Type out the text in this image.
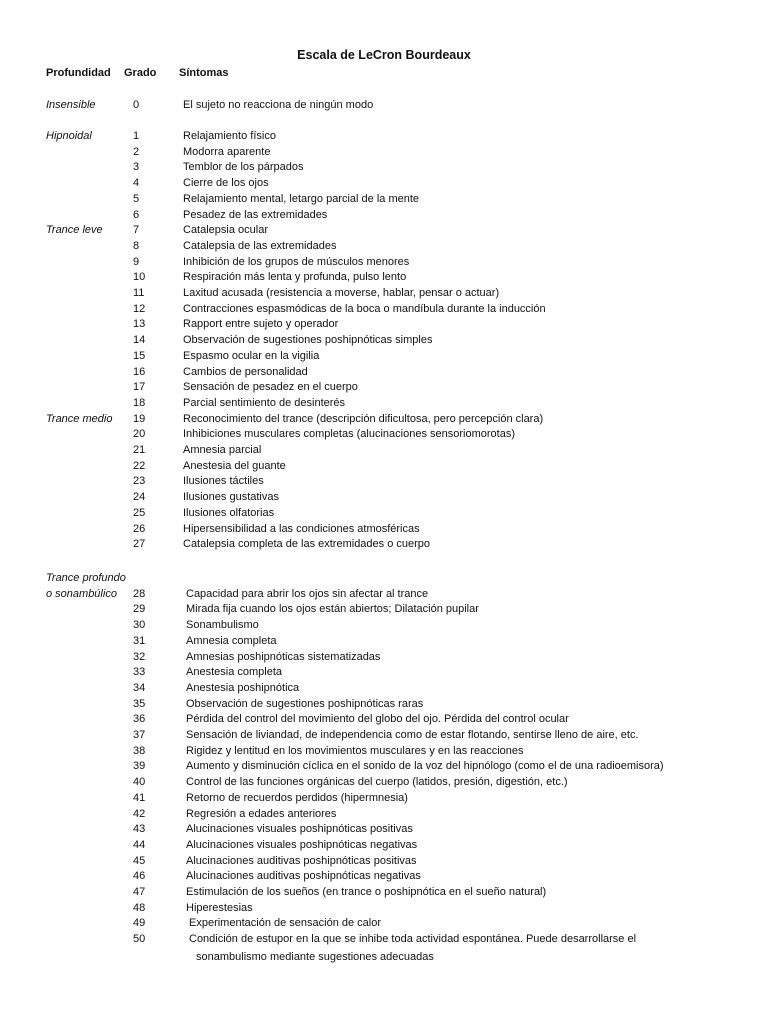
Escala de LeCron Bourdeaux
Profundidad Grado Síntomas
Insensible	0	El sujeto no reacciona de ningún modo
Hipnoidal	1	Relajamiento físico
2	Modorra aparente
3	Temblor de los párpados
4	Cierre de los ojos
5	Relajamiento mental, letargo parcial de la mente
6	Pesadez de las extremidades
Trance leve	7	Catalepsia ocular
8	Catalepsia de las extremidades
9	Inhibición de los grupos de músculos menores
10	Respiración más lenta y profunda, pulso lento
11	Laxitud acusada (resistencia a moverse, hablar, pensar o actuar)
12	Contracciones espasmódicas de la boca o mandíbula durante la inducción
13	Rapport entre sujeto y operador
14	Observación de sugestiones poshipnóticas simples
15	Espasmo ocular en la vigilia
16	Cambios de personalidad
17	Sensación de pesadez en el cuerpo
18	Parcial sentimiento de desinterés
Trance medio 19	Reconocimiento del trance (descripción dificultosa, pero percepción clara)
20	Inhibiciones musculares completas (alucinaciones sensoriomorotas)
21	Amnesia parcial
22	Anestesia del guante
23	Ilusiones táctiles
24	Ilusiones gustativas
25	Ilusiones olfatorias
26	Hipersensibilidad a las condiciones atmosféricas
27	Catalepsia completa de las extremidades o cuerpo
Trance profundo
o sonambúlico 28	Capacidad para abrir los ojos sin afectar al trance
29	Mirada fija cuando los ojos están abiertos; Dilatación pupilar
30	Sonambulismo
31	Amnesia completa
32	Amnesias poshipnóticas sistematizadas
33	Anestesia completa
34	Anestesia poshipnótica
35	Observación de sugestiones poshipnóticas raras
36	Pérdida del control del movimiento del globo del ojo. Pérdida del control ocular
37	Sensación de liviandad, de independencia como de estar flotando, sentirse lleno de aire, etc.
38	Rigidez y lentitud en los movimientos musculares y en las reacciones
39	Aumento y disminución cíclica en el sonido de la voz del hipnólogo (como el de una radioemisora)
40	Control de las funciones orgánicas del cuerpo (latidos, presión, digestión, etc.)
41	Retorno de recuerdos perdidos (hipermnesia)
42	Regresión a edades anteriores
43	Alucinaciones visuales poshipnóticas positivas
44	Alucinaciones visuales poshipnóticas negativas
45	Alucinaciones auditivas poshipnóticas positivas
46	Alucinaciones auditivas poshipnóticas negativas
47	Estimulación de los sueños (en trance o poshipnótica en el sueño natural)
48	Hiperestesias
49	Experimentación de sensación de calor
50	Condición de estupor en la que se inhibe toda actividad espontánea. Puede desarrollarse el
sonambulismo mediante sugestiones adecuadas
